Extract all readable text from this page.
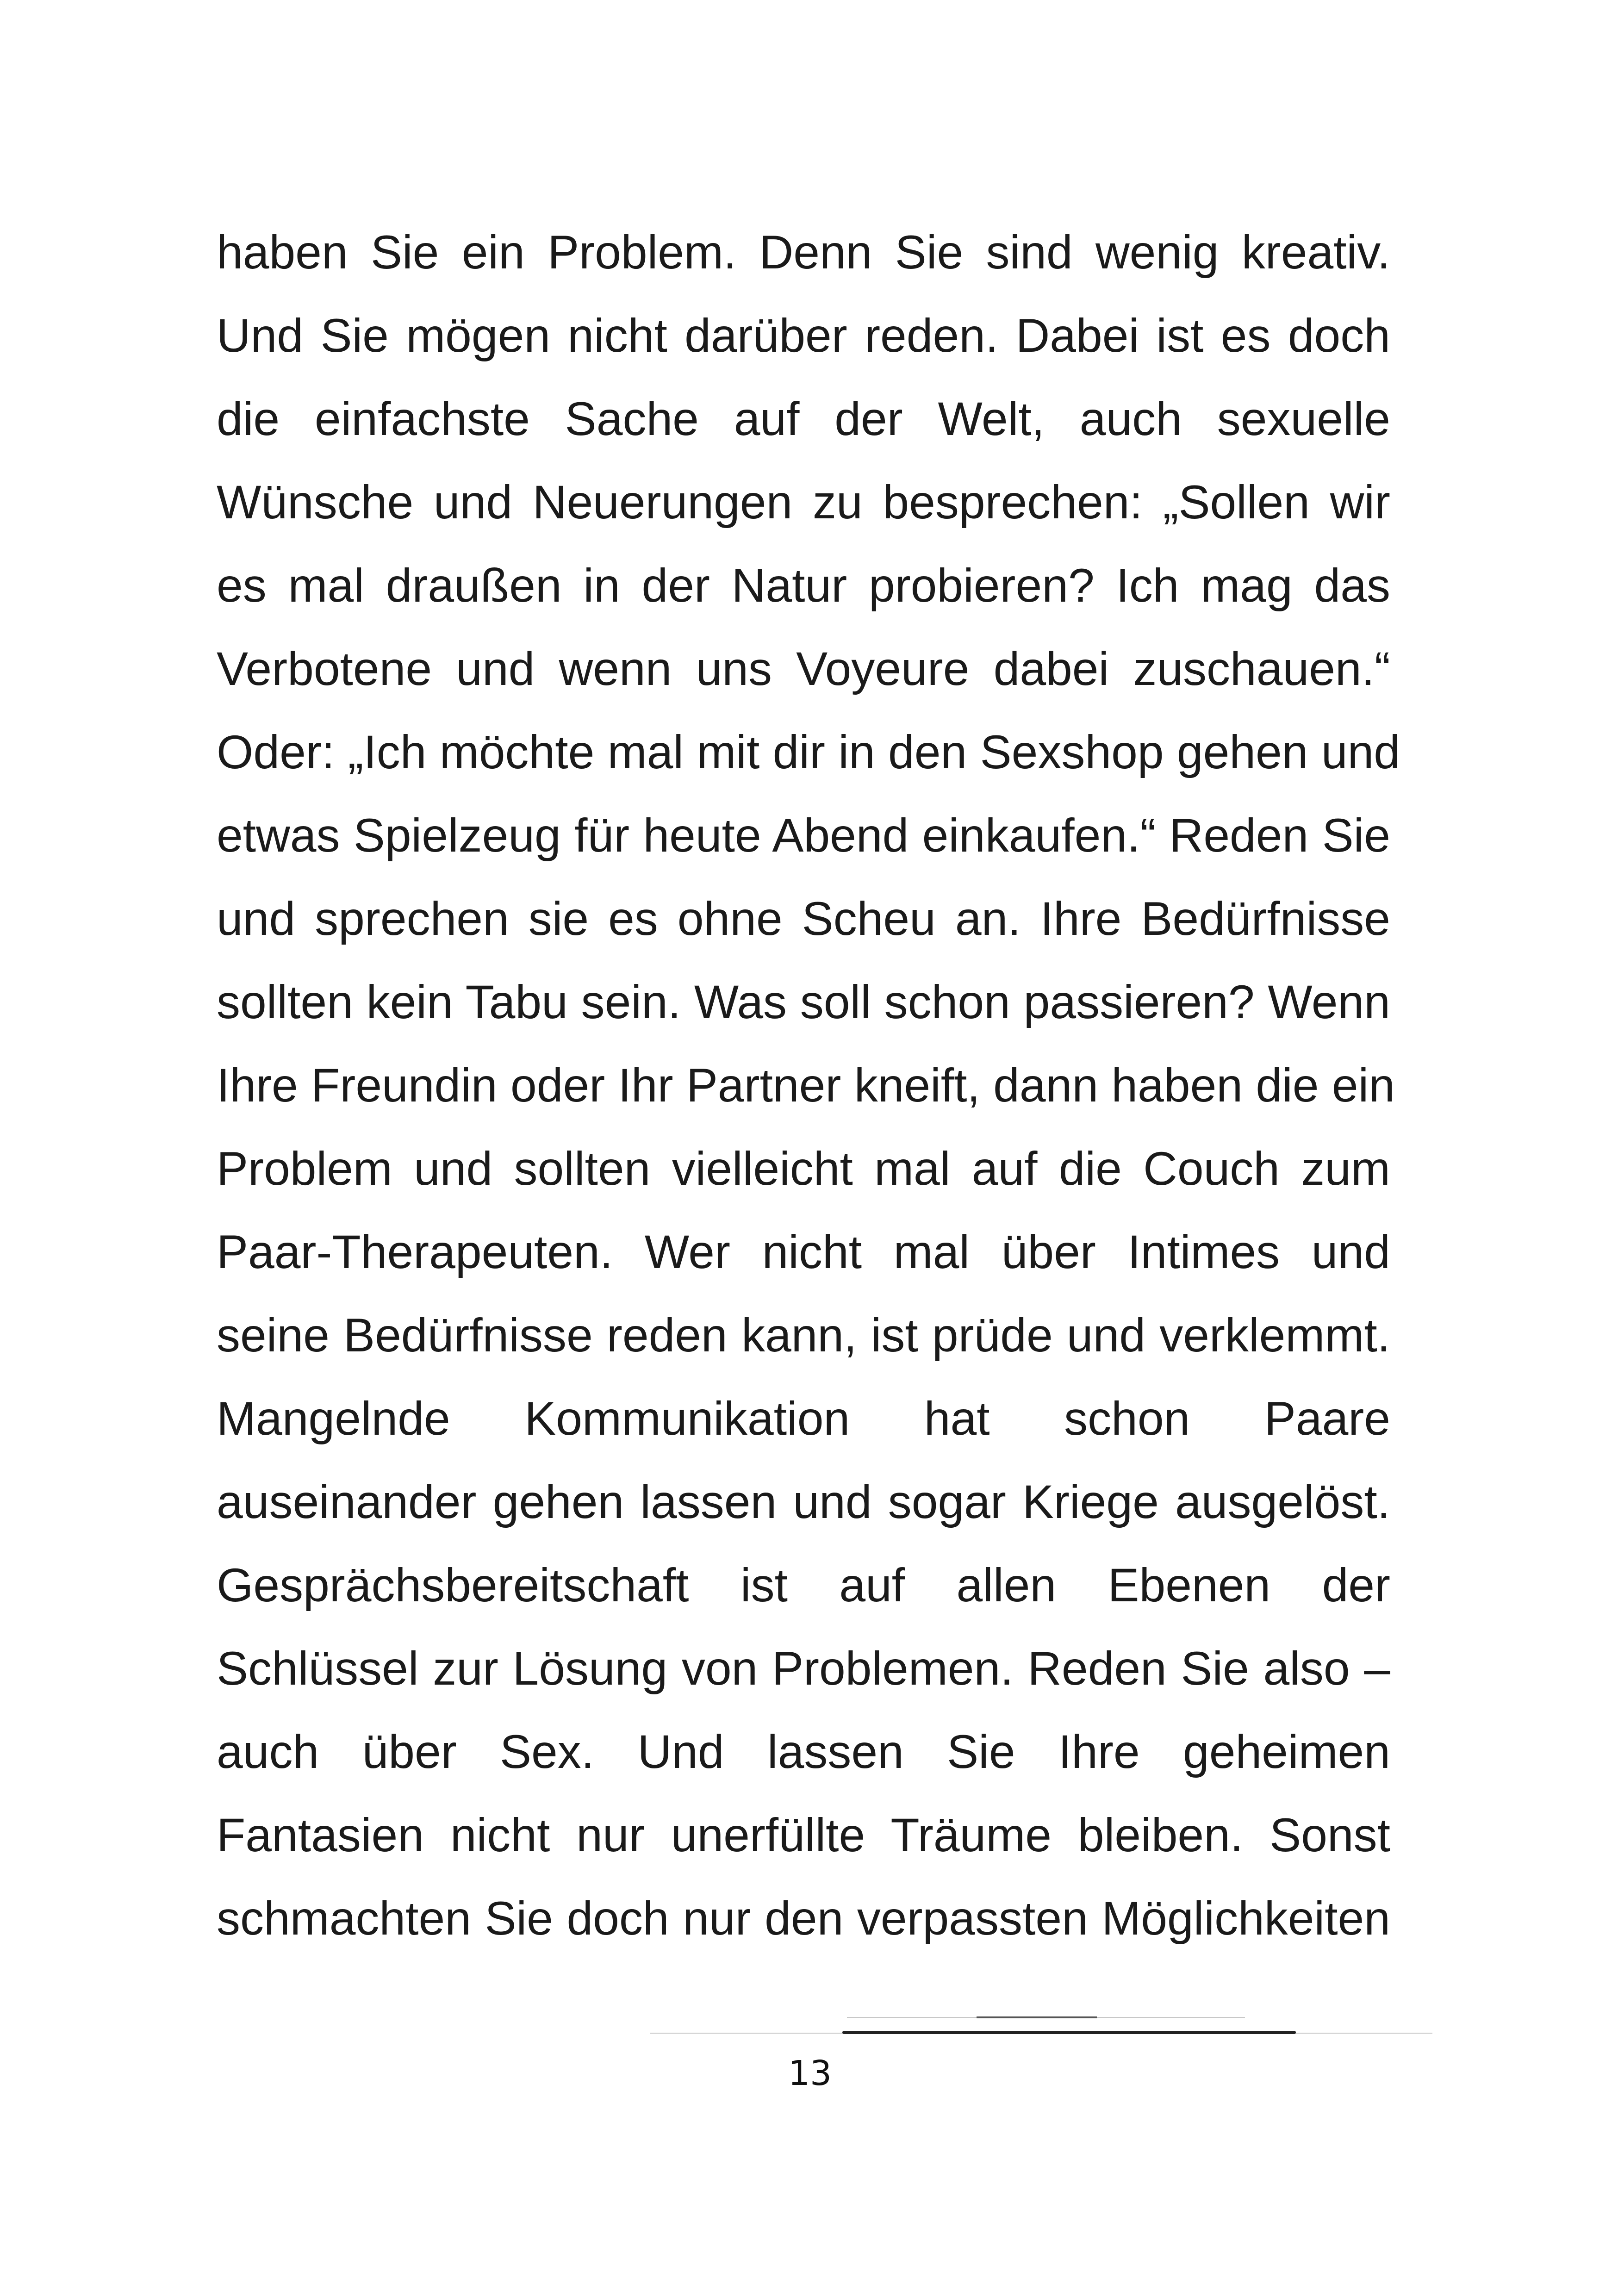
haben Sie ein Problem. Denn Sie sind wenig kreativ.
Und Sie mögen nicht darüber reden. Dabei ist es doch
die einfachste Sache auf der Welt, auch sexuelle
Wünsche und Neuerungen zu besprechen: „Sollen wir
es mal draußen in der Natur probieren? Ich mag das
Verbotene und wenn uns Voyeure dabei zuschauen.“
Oder: „Ich möchte mal mit dir in den Sexshop gehen und
etwas Spielzeug für heute Abend einkaufen.“ Reden Sie
und sprechen sie es ohne Scheu an. Ihre Bedürfnisse
sollten kein Tabu sein. Was soll schon passieren? Wenn
Ihre Freundin oder Ihr Partner kneift, dann haben die ein
Problem und sollten vielleicht mal auf die Couch zum
Paar-Therapeuten. Wer nicht mal über Intimes und
seine Bedürfnisse reden kann, ist prüde und verklemmt.
Mangelnde Kommunikation hat schon Paare
auseinander gehen lassen und sogar Kriege ausgelöst.
Gesprächsbereitschaft ist auf allen Ebenen der
Schlüssel zur Lösung von Problemen. Reden Sie also –
auch über Sex. Und lassen Sie Ihre geheimen
Fantasien nicht nur unerfüllte Träume bleiben. Sonst
schmachten Sie doch nur den verpassten Möglichkeiten
13
